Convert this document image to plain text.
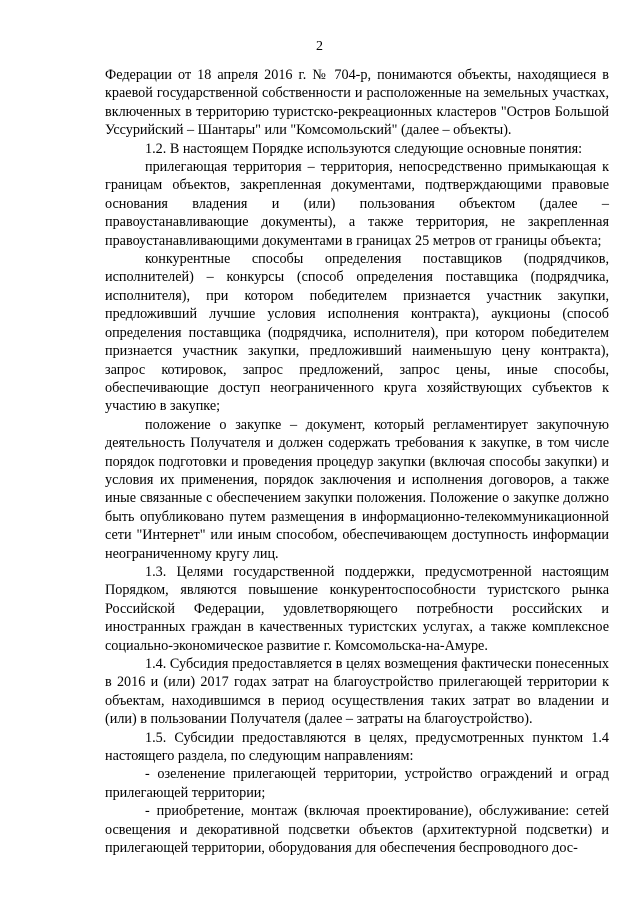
2

Федерации от 18 апреля 2016 г. № 704-р, понимаются объекты, находящиеся в краевой государственной собственности и расположенные на земельных участках, включенных в территорию туристско-рекреационных кластеров "Остров Большой Уссурийский – Шантары" или "Комсомольский" (далее – объекты).

1.2. В настоящем Порядке используются следующие основные понятия:

прилегающая территория – территория, непосредственно примыкающая к границам объектов, закрепленная документами, подтверждающими правовые основания владения и (или) пользования объектом (далее – правоустанавливающие документы), а также территория, не закрепленная правоустанавливающими документами в границах 25 метров от границы объекта;

конкурентные способы определения поставщиков (подрядчиков, исполнителей) – конкурсы (способ определения поставщика (подрядчика, исполнителя), при котором победителем признается участник закупки, предложивший лучшие условия исполнения контракта), аукционы (способ определения поставщика (подрядчика, исполнителя), при котором победителем признается участник закупки, предложивший наименьшую цену контракта), запрос котировок, запрос предложений, запрос цены, иные способы, обеспечивающие доступ неограниченного круга хозяйствующих субъектов к участию в закупке;

положение о закупке – документ, который регламентирует закупочную деятельность Получателя и должен содержать требования к закупке, в том числе порядок подготовки и проведения процедур закупки (включая способы закупки) и условия их применения, порядок заключения и исполнения договоров, а также иные связанные с обеспечением закупки положения. Положение о закупке должно быть опубликовано путем размещения в информационно-телекоммуникационной сети "Интернет" или иным способом, обеспечивающем доступность информации неограниченному кругу лиц.

1.3. Целями государственной поддержки, предусмотренной настоящим Порядком, являются повышение конкурентоспособности туристского рынка Российской Федерации, удовлетворяющего потребности российских и иностранных граждан в качественных туристских услугах, а также комплексное социально-экономическое развитие г. Комсомольска-на-Амуре.

1.4. Субсидия предоставляется в целях возмещения фактически понесенных в 2016 и (или) 2017 годах затрат на благоустройство прилегающей территории к объектам, находившимся в период осуществления таких затрат во владении и (или) в пользовании Получателя (далее – затраты на благоустройство).

1.5. Субсидии предоставляются в целях, предусмотренных пунктом 1.4 настоящего раздела, по следующим направлениям:

- озеленение прилегающей территории, устройство ограждений и оград прилегающей территории;

- приобретение, монтаж (включая проектирование), обслуживание: сетей освещения и декоративной подсветки объектов (архитектурной подсветки) и прилегающей территории, оборудования для обеспечения беспроводного дос-
